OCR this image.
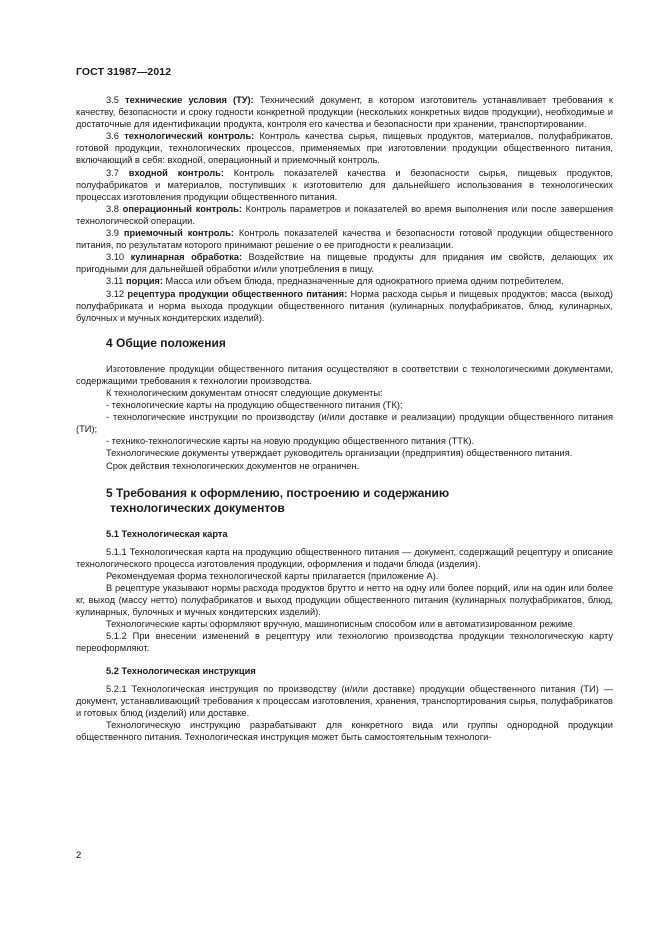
ГОСТ 31987—2012

3.5 технические условия (ТУ): Технический документ, в котором изготовитель устанавливает требования к качеству, безопасности и сроку годности конкретной продукции (нескольких конкретных видов продукции), необходимые и достаточные для идентификации продукта, контроля его качества и безопасности при хранении, транспортировании.

3.6 технологический контроль: Контроль качества сырья, пищевых продуктов, материалов, полуфабрикатов, готовой продукции, технологических процессов, применяемых при изготовлении продукции общественного питания, включающий в себя: входной, операционный и приемочный контроль.

3.7 входной контроль: Контроль показателей качества и безопасности сырья, пищевых продуктов, полуфабрикатов и материалов, поступивших к изготовителю для дальнейшего использования в технологических процессах изготовления продукции общественного питания.

3.8 операционный контроль: Контроль параметров и показателей во время выполнения или после завершения технологической операции.

3.9 приемочный контроль: Контроль показателей качества и безопасности готовой продукции общественного питания, по результатам которого принимают решение о ее пригодности к реализации.

3.10 кулинарная обработка: Воздействие на пищевые продукты для придания им свойств, делающих их пригодными для дальнейшей обработки и/или употребления в пищу.

3.11 порция: Масса или объем блюда, предназначенные для однократного приема одним потребителем.

3.12 рецептура продукции общественного питания: Норма расхода сырья и пищевых продуктов; масса (выход) полуфабриката и норма выхода продукции общественного питания (кулинарных полуфабрикатов, блюд, кулинарных, булочных и мучных кондитерских изделий).

4 Общие положения

Изготовление продукции общественного питания осуществляют в соответствии с технологическими документами, содержащими требования к технологии производства.

К технологическим документам относят следующие документы:

- технологические карты на продукцию общественного питания (ТК);

- технологические инструкции по производству (и/или доставке и реализации) продукции общественного питания (ТИ);

- технико-технологические карты на новую продукцию общественного питания (ТТК).

Технологические документы утверждает руководитель организации (предприятия) общественного питания.

Срок действия технологических документов не ограничен.

5 Требования к оформлению, построению и содержанию
технологических документов
5.1 Технологическая карта

5.1.1 Технологическая карта на продукцию общественного питания — документ, содержащий рецептуру и описание технологического процесса изготовления продукции, оформления и подачи блюда (изделия).

Рекомендуемая форма технологической карты прилагается (приложение А).

В рецептуре указывают нормы расхода продуктов брутто и нетто на одну или более порций, или на один или более кг, выход (массу нетто) полуфабрикатов и выход продукции общественного питания (кулинарных полуфабрикатов, блюд, кулинарных, булочных и мучных кондитерских изделий).

Технологические карты оформляют вручную, машинописным способом или в автоматизированном режиме.

5.1.2 При внесении изменений в рецептуру или технологию производства продукции технологическую карту переоформляют.

5.2 Технологическая инструкция

5.2.1 Технологическая инструкция по производству (и/или доставке) продукции общественного питания (ТИ) — документ, устанавливающий требования к процессам изготовления, хранения, транспортирования сырья, полуфабрикатов и готовых блюд (изделий) или доставке.

Технологическую инструкцию разрабатывают для конкретного вида или группы однородной продукции общественного питания. Технологическая инструкция может быть самостоятельным технологи-

2
